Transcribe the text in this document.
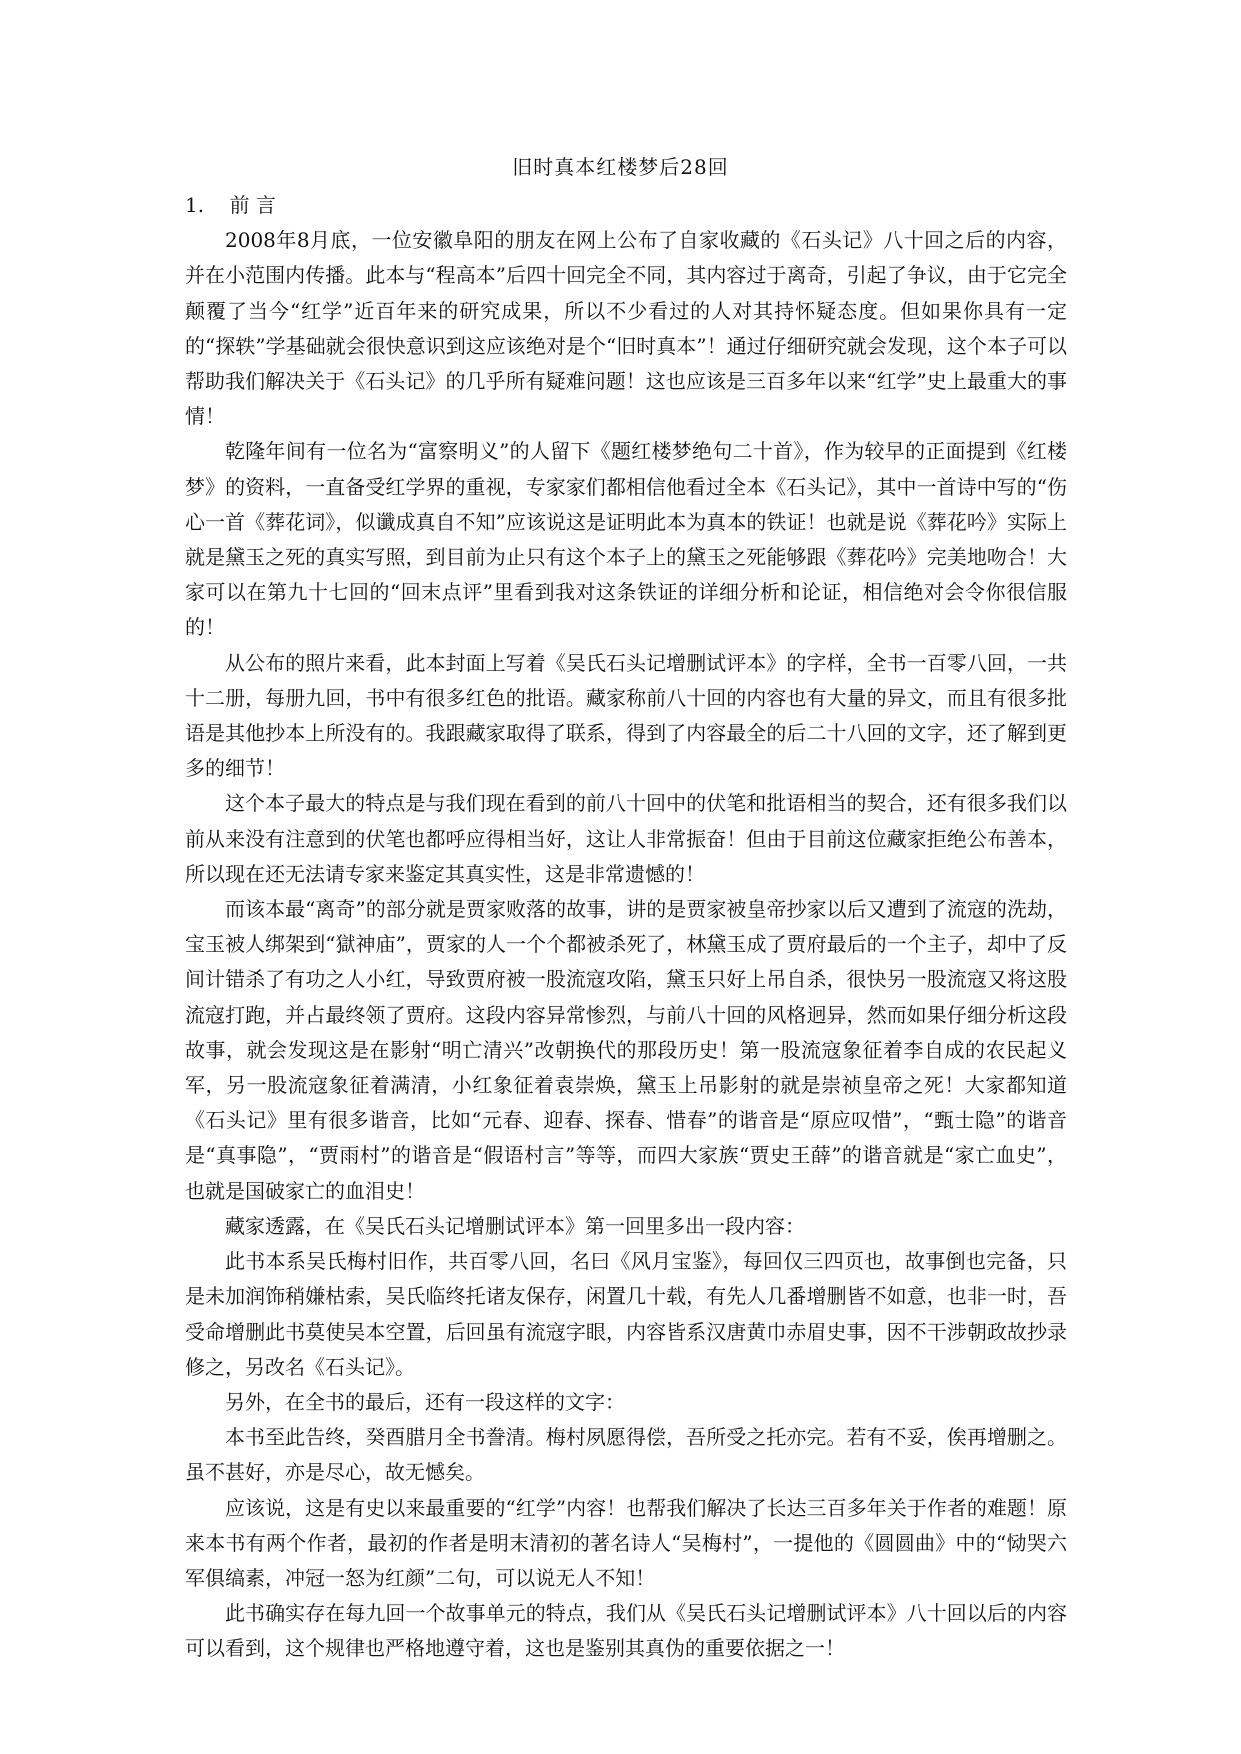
旧时真本红楼梦后28回

1.    前 言

2008年8月底，一位安徽阜阳的朋友在网上公布了自家收藏的《石头记》八十回之后的内容，并在小范围内传播。此本与“程高本”后四十回完全不同，其内容过于离奇，引起了争议，由于它完全颠覆了当今“红学”近百年来的研究成果，所以不少看过的人对其持怀疑态度。但如果你具有一定的“探轶”学基础就会很快意识到这应该绝对是个“旧时真本”！通过仔细研究就会发现，这个本子可以帮助我们解决关于《石头记》的几乎所有疑难问题！这也应该是三百多年以来“红学”史上最重大的事情！

乾隆年间有一位名为“富察明义”的人留下《题红楼梦绝句二十首》，作为较早的正面提到《红楼梦》的资料，一直备受红学界的重视，专家家们都相信他看过全本《石头记》，其中一首诗中写的“伤心一首《葬花词》，似谶成真自不知”应该说这是证明此本为真本的铁证！也就是说《葬花吟》实际上就是黛玉之死的真实写照，到目前为止只有这个本子上的黛玉之死能够跟《葬花吟》完美地吻合！大家可以在第九十七回的“回末点评”里看到我对这条铁证的详细分析和论证，相信绝对会令你很信服的！

从公布的照片来看，此本封面上写着《吴氏石头记增删试评本》的字样，全书一百零八回，一共十二册，每册九回，书中有很多红色的批语。藏家称前八十回的内容也有大量的异文，而且有很多批语是其他抄本上所没有的。我跟藏家取得了联系，得到了内容最全的后二十八回的文字，还了解到更多的细节！

这个本子最大的特点是与我们现在看到的前八十回中的伏笔和批语相当的契合，还有很多我们以前从来没有注意到的伏笔也都呼应得相当好，这让人非常振奋！但由于目前这位藏家拒绝公布善本，所以现在还无法请专家来鉴定其真实性，这是非常遗憾的！

而该本最“离奇”的部分就是贾家败落的故事，讲的是贾家被皇帝抄家以后又遭到了流寇的洗劫，宝玉被人绑架到“獄神庙”，贾家的人一个个都被杀死了，林黛玉成了贾府最后的一个主子，却中了反间计错杀了有功之人小红，导致贾府被一股流寇攻陷，黛玉只好上吊自杀，很快另一股流寇又将这股流寇打跑，并占最终领了贾府。这段内容异常惨烈，与前八十回的风格迥异，然而如果仔细分析这段故事，就会发现这是在影射“明亡清兴”改朝换代的那段历史！第一股流寇象征着李自成的农民起义军，另一股流寇象征着满清，小红象征着袁崇焕，黛玉上吊影射的就是崇祯皇帝之死！大家都知道《石头记》里有很多谐音，比如“元春、迎春、探春、惜春”的谐音是“原应叹惜”，“甄士隐”的谐音是“真事隐”，“贾雨村”的谐音是“假语村言”等等，而四大家族“贾史王薛”的谐音就是“家亡血史”，也就是国破家亡的血泪史！

藏家透露，在《吴氏石头记增删试评本》第一回里多出一段内容：

此书本系吴氏梅村旧作，共百零八回，名曰《风月宝鉴》，每回仅三四页也，故事倒也完备，只是未加润饰稍嫌枯索，吴氏临终托诸友保存，闲置几十载，有先人几番增删皆不如意，也非一时，吾受命增删此书莫使吴本空置，后回虽有流寇字眼，内容皆系汉唐黄巾赤眉史事，因不干涉朝政故抄录修之，另改名《石头记》。

另外，在全书的最后，还有一段这样的文字：

本书至此告终，癸酉腊月全书誊清。梅村夙愿得偿，吾所受之托亦完。若有不妥，俟再增删之。虽不甚好，亦是尽心，故无憾矣。

应该说，这是有史以来最重要的“红学”内容！也帮我们解决了长达三百多年关于作者的难题！原来本书有两个作者，最初的作者是明末清初的著名诗人“吴梅村”，一提他的《圆圆曲》中的“恸哭六军俱缟素，冲冠一怒为红颜”二句，可以说无人不知！

此书确实存在每九回一个故事单元的特点，我们从《吴氏石头记增删试评本》八十回以后的内容可以看到，这个规律也严格地遵守着，这也是鉴别其真伪的重要依据之一！
